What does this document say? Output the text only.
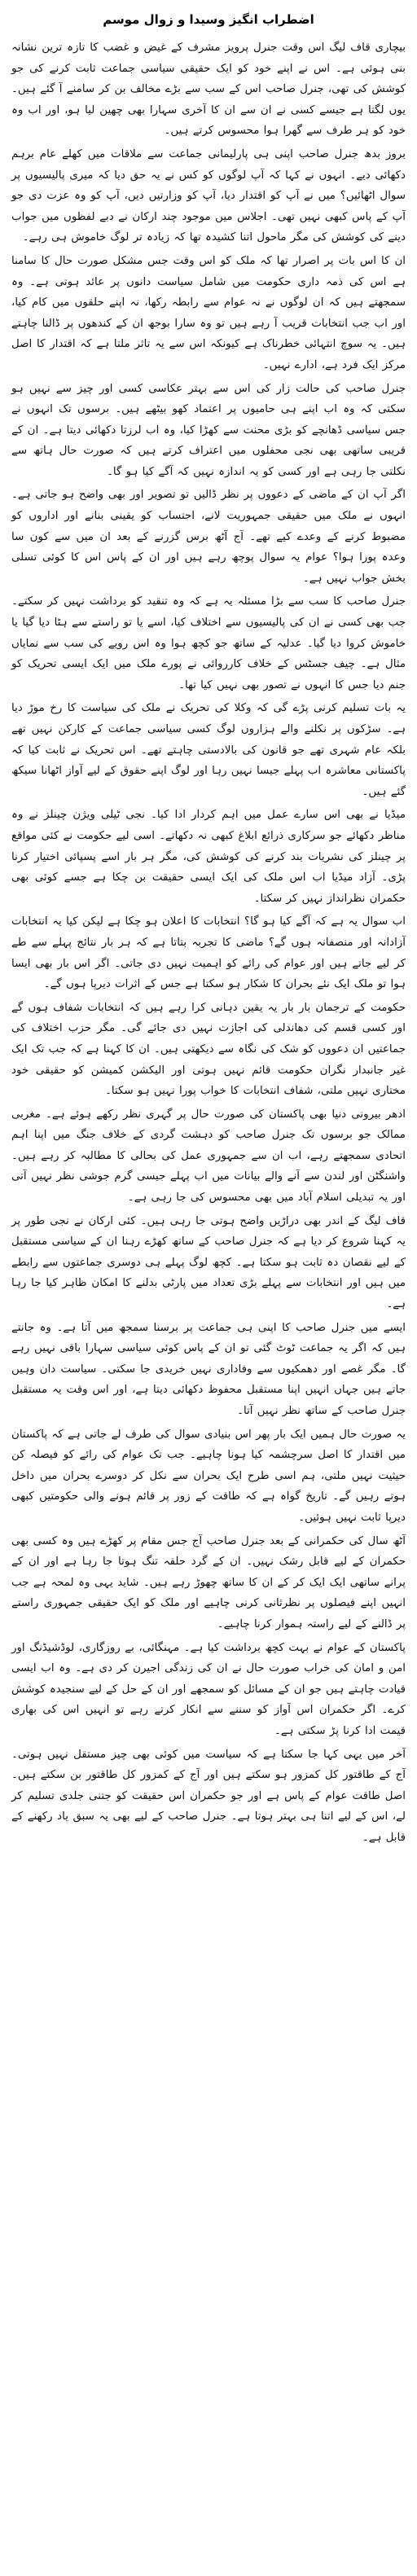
اضطراب انگیز وسیدا و زوال موسم

بیچاری قاف لیگ اس وقت جنرل پرویز مشرف کے غیض و غضب کا تازہ ترین نشانہ بنی ہوئی ہے۔ اس نے اپنے خود کو ایک حقیقی سیاسی جماعت ثابت کرنے کی جو کوشش کی تھی، جنرل صاحب اس کے سب سے بڑے مخالف بن کر سامنے آ گئے ہیں۔ یوں لگتا ہے جیسے کسی نے ان سے ان کا آخری سہارا بھی چھین لیا ہو، اور اب وہ خود کو ہر طرف سے گھرا ہوا محسوس کرتے ہیں۔

بروز بدھ جنرل صاحب اپنی ہی پارلیمانی جماعت سے ملاقات میں کھلے عام برہم دکھائی دیے۔ انہوں نے کہا کہ آپ لوگوں کو کس نے یہ حق دیا کہ میری پالیسیوں پر سوال اٹھائیں؟ میں نے آپ کو اقتدار دیا، آپ کو وزارتیں دیں، آپ کو وہ عزت دی جو آپ کے پاس کبھی نہیں تھی۔ اجلاس میں موجود چند ارکان نے دبے لفظوں میں جواب دینے کی کوشش کی مگر ماحول اتنا کشیدہ تھا کہ زیادہ تر لوگ خاموش ہی رہے۔

ان کا اس بات پر اصرار تھا کہ ملک کو اس وقت جس مشکل صورت حال کا سامنا ہے اس کی ذمہ داری حکومت میں شامل سیاست دانوں پر عائد ہوتی ہے۔ وہ سمجھتے ہیں کہ ان لوگوں نے نہ عوام سے رابطہ رکھا، نہ اپنے حلقوں میں کام کیا، اور اب جب انتخابات قریب آ رہے ہیں تو وہ سارا بوجھ ان کے کندھوں پر ڈالنا چاہتے ہیں۔ یہ سوچ انتہائی خطرناک ہے کیونکہ اس سے یہ تاثر ملتا ہے کہ اقتدار کا اصل مرکز ایک فرد ہے، ادارے نہیں۔

جنرل صاحب کی حالت زار کی اس سے بہتر عکاسی کسی اور چیز سے نہیں ہو سکتی کہ وہ اب اپنے ہی حامیوں پر اعتماد کھو بیٹھے ہیں۔ برسوں تک انہوں نے جس سیاسی ڈھانچے کو بڑی محنت سے کھڑا کیا، وہ اب لرزتا دکھائی دیتا ہے۔ ان کے قریبی ساتھی بھی نجی محفلوں میں اعتراف کرتے ہیں کہ صورت حال ہاتھ سے نکلتی جا رہی ہے اور کسی کو یہ اندازہ نہیں کہ آگے کیا ہو گا۔

اگر آپ ان کے ماضی کے دعووں پر نظر ڈالیں تو تصویر اور بھی واضح ہو جاتی ہے۔ انہوں نے ملک میں حقیقی جمہوریت لانے، احتساب کو یقینی بنانے اور اداروں کو مضبوط کرنے کے وعدے کیے تھے۔ آج آٹھ برس گزرنے کے بعد ان میں سے کون سا وعدہ پورا ہوا؟ عوام یہ سوال پوچھ رہے ہیں اور ان کے پاس اس کا کوئی تسلی بخش جواب نہیں ہے۔

جنرل صاحب کا سب سے بڑا مسئلہ یہ ہے کہ وہ تنقید کو برداشت نہیں کر سکتے۔ جب بھی کسی نے ان کی پالیسیوں سے اختلاف کیا، اسے یا تو راستے سے ہٹا دیا گیا یا خاموش کروا دیا گیا۔ عدلیہ کے ساتھ جو کچھ ہوا وہ اس رویے کی سب سے نمایاں مثال ہے۔ چیف جسٹس کے خلاف کارروائی نے پورے ملک میں ایک ایسی تحریک کو جنم دیا جس کا انہوں نے تصور بھی نہیں کیا تھا۔

یہ بات تسلیم کرنی پڑے گی کہ وکلا کی تحریک نے ملک کی سیاست کا رخ موڑ دیا ہے۔ سڑکوں پر نکلنے والے ہزاروں لوگ کسی سیاسی جماعت کے کارکن نہیں تھے بلکہ عام شہری تھے جو قانون کی بالادستی چاہتے تھے۔ اس تحریک نے ثابت کیا کہ پاکستانی معاشرہ اب پہلے جیسا نہیں رہا اور لوگ اپنے حقوق کے لیے آواز اٹھانا سیکھ گئے ہیں۔

میڈیا نے بھی اس سارے عمل میں اہم کردار ادا کیا۔ نجی ٹیلی ویژن چینلز نے وہ مناظر دکھائے جو سرکاری ذرائع ابلاغ کبھی نہ دکھاتے۔ اسی لیے حکومت نے کئی مواقع پر چینلز کی نشریات بند کرنے کی کوشش کی، مگر ہر بار اسے پسپائی اختیار کرنا پڑی۔ آزاد میڈیا اب اس ملک کی ایک ایسی حقیقت بن چکا ہے جسے کوئی بھی حکمران نظرانداز نہیں کر سکتا۔

اب سوال یہ ہے کہ آگے کیا ہو گا؟ انتخابات کا اعلان ہو چکا ہے لیکن کیا یہ انتخابات آزادانہ اور منصفانہ ہوں گے؟ ماضی کا تجربہ بتاتا ہے کہ ہر بار نتائج پہلے سے طے کر لیے جاتے ہیں اور عوام کی رائے کو اہمیت نہیں دی جاتی۔ اگر اس بار بھی ایسا ہوا تو ملک ایک نئے بحران کا شکار ہو سکتا ہے جس کے اثرات دیرپا ہوں گے۔

حکومت کے ترجمان بار بار یہ یقین دہانی کرا رہے ہیں کہ انتخابات شفاف ہوں گے اور کسی قسم کی دھاندلی کی اجازت نہیں دی جائے گی۔ مگر حزب اختلاف کی جماعتیں ان دعووں کو شک کی نگاہ سے دیکھتی ہیں۔ ان کا کہنا ہے کہ جب تک ایک غیر جانبدار نگران حکومت قائم نہیں ہوتی اور الیکشن کمیشن کو حقیقی خود مختاری نہیں ملتی، شفاف انتخابات کا خواب پورا نہیں ہو سکتا۔

ادھر بیرونی دنیا بھی پاکستان کی صورت حال پر گہری نظر رکھے ہوئے ہے۔ مغربی ممالک جو برسوں تک جنرل صاحب کو دہشت گردی کے خلاف جنگ میں اپنا اہم اتحادی سمجھتے رہے، اب ان سے جمہوری عمل کی بحالی کا مطالبہ کر رہے ہیں۔ واشنگٹن اور لندن سے آنے والے بیانات میں اب پہلے جیسی گرم جوشی نظر نہیں آتی اور یہ تبدیلی اسلام آباد میں بھی محسوس کی جا رہی ہے۔

قاف لیگ کے اندر بھی دراڑیں واضح ہوتی جا رہی ہیں۔ کئی ارکان نے نجی طور پر یہ کہنا شروع کر دیا ہے کہ جنرل صاحب کے ساتھ کھڑے رہنا ان کے سیاسی مستقبل کے لیے نقصان دہ ثابت ہو سکتا ہے۔ کچھ لوگ پہلے ہی دوسری جماعتوں سے رابطے میں ہیں اور انتخابات سے پہلے بڑی تعداد میں پارٹی بدلنے کا امکان ظاہر کیا جا رہا ہے۔

ایسے میں جنرل صاحب کا اپنی ہی جماعت پر برسنا سمجھ میں آتا ہے۔ وہ جانتے ہیں کہ اگر یہ جماعت ٹوٹ گئی تو ان کے پاس کوئی سیاسی سہارا باقی نہیں رہے گا۔ مگر غصے اور دھمکیوں سے وفاداری نہیں خریدی جا سکتی۔ سیاست دان وہیں جاتے ہیں جہاں انہیں اپنا مستقبل محفوظ دکھائی دیتا ہے، اور اس وقت یہ مستقبل جنرل صاحب کے ساتھ نظر نہیں آتا۔

یہ صورت حال ہمیں ایک بار پھر اس بنیادی سوال کی طرف لے جاتی ہے کہ پاکستان میں اقتدار کا اصل سرچشمہ کیا ہونا چاہیے۔ جب تک عوام کی رائے کو فیصلہ کن حیثیت نہیں ملتی، ہم اسی طرح ایک بحران سے نکل کر دوسرے بحران میں داخل ہوتے رہیں گے۔ تاریخ گواہ ہے کہ طاقت کے زور پر قائم ہونے والی حکومتیں کبھی دیرپا ثابت نہیں ہوئیں۔

آٹھ سال کی حکمرانی کے بعد جنرل صاحب آج جس مقام پر کھڑے ہیں وہ کسی بھی حکمران کے لیے قابل رشک نہیں۔ ان کے گرد حلقہ تنگ ہوتا جا رہا ہے اور ان کے پرانے ساتھی ایک ایک کر کے ان کا ساتھ چھوڑ رہے ہیں۔ شاید یہی وہ لمحہ ہے جب انہیں اپنے فیصلوں پر نظرثانی کرنی چاہیے اور ملک کو ایک حقیقی جمہوری راستے پر ڈالنے کے لیے راستہ ہموار کرنا چاہیے۔

پاکستان کے عوام نے بہت کچھ برداشت کیا ہے۔ مہنگائی، بے روزگاری، لوڈشیڈنگ اور امن و امان کی خراب صورت حال نے ان کی زندگی اجیرن کر دی ہے۔ وہ اب ایسی قیادت چاہتے ہیں جو ان کے مسائل کو سمجھے اور ان کے حل کے لیے سنجیدہ کوشش کرے۔ اگر حکمران اس آواز کو سننے سے انکار کرتے رہے تو انہیں اس کی بھاری قیمت ادا کرنا پڑ سکتی ہے۔

آخر میں یہی کہا جا سکتا ہے کہ سیاست میں کوئی بھی چیز مستقل نہیں ہوتی۔ آج کے طاقتور کل کمزور ہو سکتے ہیں اور آج کے کمزور کل طاقتور بن سکتے ہیں۔ اصل طاقت عوام کے پاس ہے اور جو حکمران اس حقیقت کو جتنی جلدی تسلیم کر لے، اس کے لیے اتنا ہی بہتر ہوتا ہے۔ جنرل صاحب کے لیے بھی یہ سبق یاد رکھنے کے قابل ہے۔
